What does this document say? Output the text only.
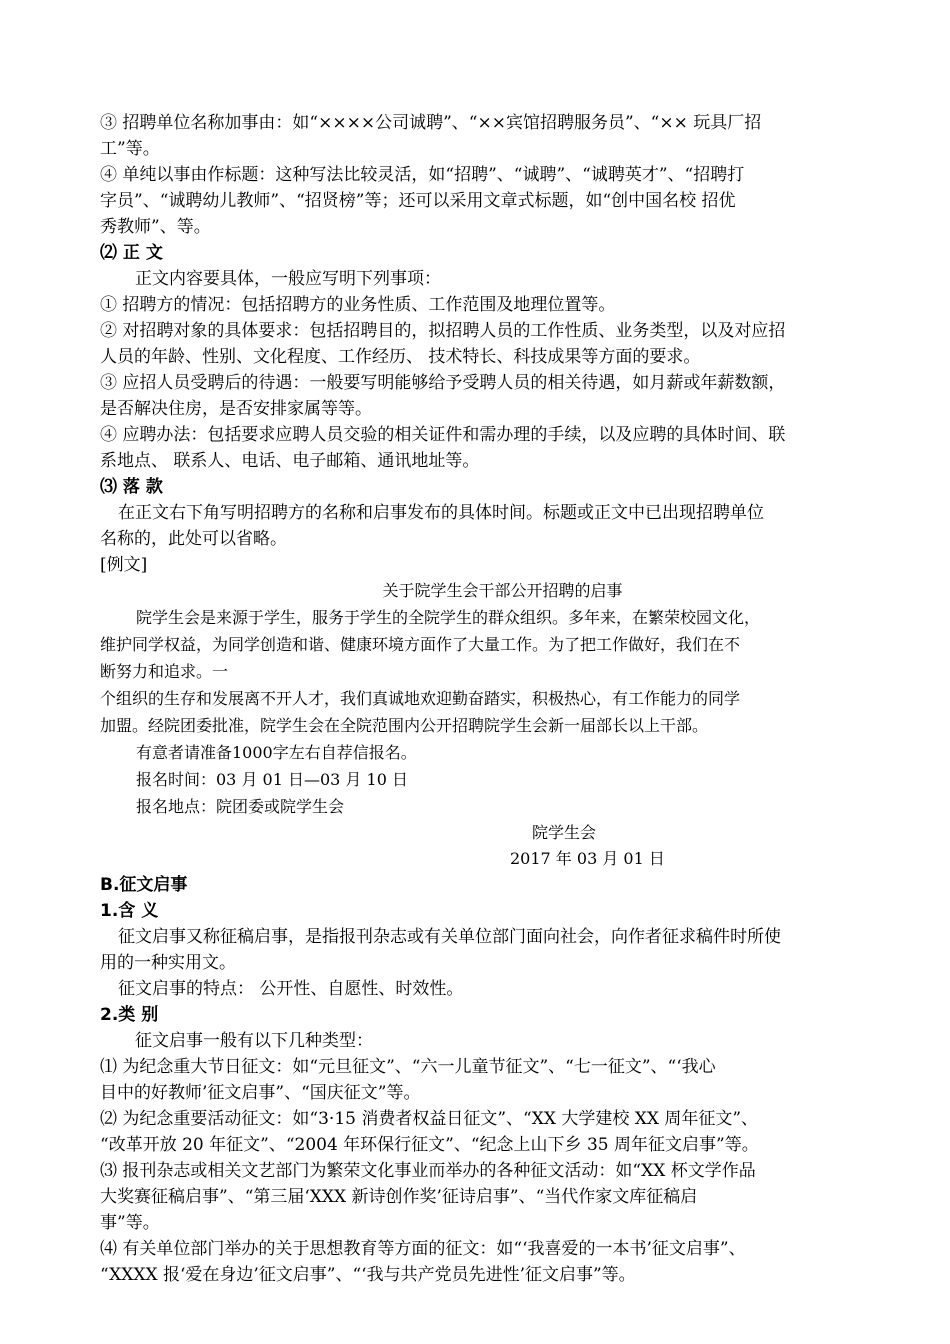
③ 招聘单位名称加事由：如“××××公司诚聘”、“××宾馆招聘服务员”、“×× 玩具厂招
工”等。
④ 单纯以事由作标题：这种写法比较灵活，如“招聘”、“诚聘”、“诚聘英才”、“招聘打
字员”、“诚聘幼儿教师”、“招贤榜”等；还可以采用文章式标题，如“创中国名校 招优
秀教师”、等。
⑵ 正 文
正文内容要具体，一般应写明下列事项：
① 招聘方的情况：包括招聘方的业务性质、工作范围及地理位置等。
② 对招聘对象的具体要求：包括招聘目的，拟招聘人员的工作性质、业务类型，以及对应招
人员的年龄、性别、文化程度、工作经历、 技术特长、科技成果等方面的要求。
③ 应招人员受聘后的待遇：一般要写明能够给予受聘人员的相关待遇，如月薪或年薪数额，
是否解决住房，是否安排家属等等。
④ 应聘办法：包括要求应聘人员交验的相关证件和需办理的手续，以及应聘的具体时间、联
系地点、 联系人、电话、电子邮箱、通讯地址等。
⑶ 落 款
在正文右下角写明招聘方的名称和启事发布的具体时间。标题或正文中已出现招聘单位
名称的，此处可以省略。
[例文]
关于院学生会干部公开招聘的启事
院学生会是来源于学生，服务于学生的全院学生的群众组织。多年来，在繁荣校园文化，
维护同学权益，为同学创造和谐、健康环境方面作了大量工作。为了把工作做好，我们在不
断努力和追求。一
个组织的生存和发展离不开人才，我们真诚地欢迎勤奋踏实，积极热心，有工作能力的同学
加盟。经院团委批准，院学生会在全院范围内公开招聘院学生会新一届部长以上干部。
有意者请准备1000字左右自荐信报名。
报名时间：03 月 01 日—03 月 10 日
报名地点：院团委或院学生会
院学生会
2017 年 03 月 01 日
B.征文启事
1.含 义
征文启事又称征稿启事，是指报刊杂志或有关单位部门面向社会，向作者征求稿件时所使
用的一种实用文。
征文启事的特点： 公开性、自愿性、时效性。
2.类 别
征文启事一般有以下几种类型：
⑴ 为纪念重大节日征文：如“元旦征文”、“六一儿童节征文”、“七一征文”、“‘我心
目中的好教师’征文启事”、“国庆征文”等。
⑵ 为纪念重要活动征文：如“3·15 消费者权益日征文”、“XX 大学建校 XX 周年征文”、
“改革开放 20 年征文”、“2004 年环保行征文”、“纪念上山下乡 35 周年征文启事”等。
⑶ 报刊杂志或相关文艺部门为繁荣文化事业而举办的各种征文活动：如“XX 杯文学作品
大奖赛征稿启事”、“第三届‘XXX 新诗创作奖’征诗启事”、“当代作家文库征稿启
事”等。
⑷ 有关单位部门举办的关于思想教育等方面的征文：如“‘我喜爱的一本书’征文启事”、
“XXXX 报‘爱在身边’征文启事”、“‘我与共产党员先进性’征文启事”等。
